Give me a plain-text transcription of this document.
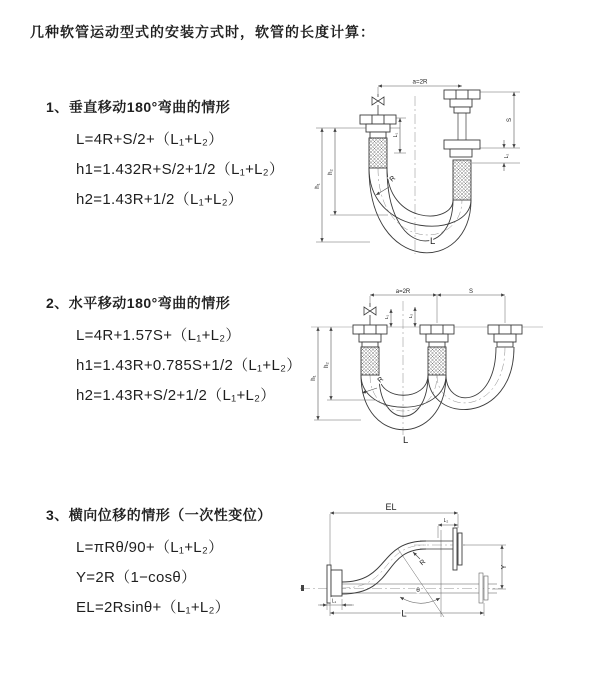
几种软管运动型式的安装方式时，软管的长度计算：
1、垂直移动180°弯曲的情形
L=4R+S/2+（L₁+L₂）
h1=1.432R+S/2+1/2（L₁+L₂）
h2=1.43R+1/2（L₁+L₂）
2、水平移动180°弯曲的情形
L=4R+1.57S+（L₁+L₂）
h1=1.43R+0.785S+1/2（L₁+L₂）
h2=1.43R+S/2+1/2（L₁+L₂）
3、横向位移的情形（一次性变位）
L=πRθ/90+（L₁+L₂）
Y=2R（1−cosθ）
EL=2Rsinθ+（L₁+L₂）
a=2R
h₁
h₂
L₁
S
L₂
R
L
a=2R	S
h₁
h₂
L₁	L₂
R
L
EL
L₂
Y
L
L₁
θ
R
